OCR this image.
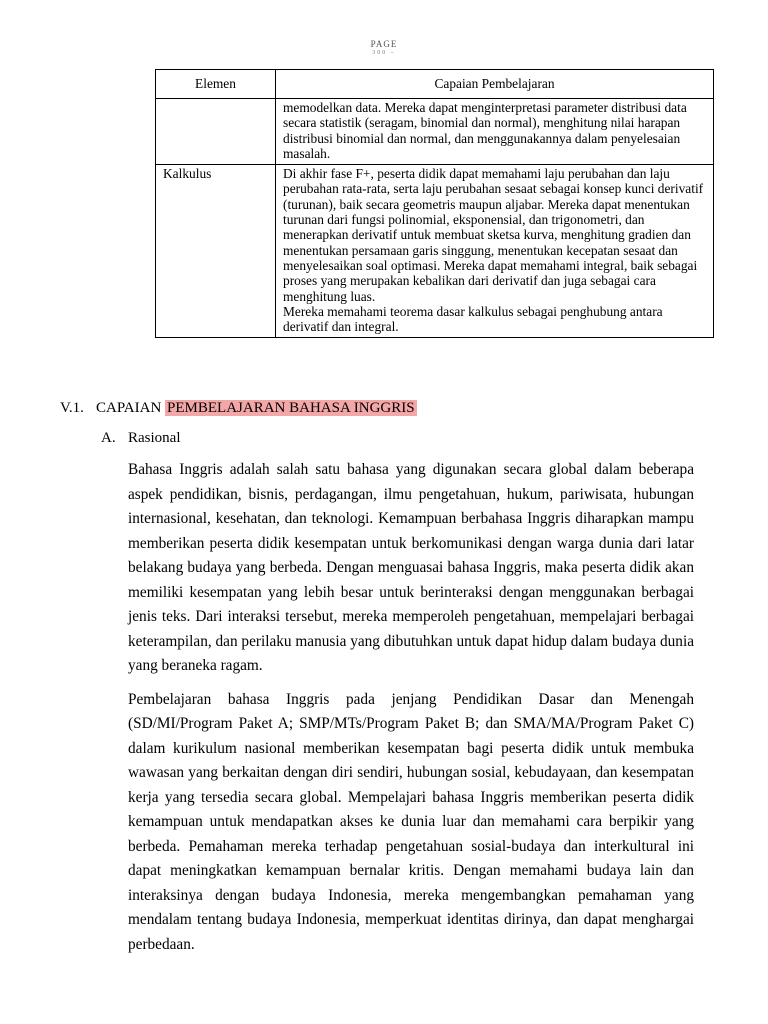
PAGE
300 –
Elemen	Capaian Pembelajaran

	memodelkan data. Mereka dapat menginterpretasi parameter distribusi data secara statistik (seragam, binomial dan normal), menghitung nilai harapan distribusi binomial dan normal, dan menggunakannya dalam penyelesaian masalah.

Kalkulus	Di akhir fase F+, peserta didik dapat memahami laju perubahan dan laju perubahan rata-rata, serta laju perubahan sesaat sebagai konsep kunci derivatif (turunan), baik secara geometris maupun aljabar. Mereka dapat menentukan turunan dari fungsi polinomial, eksponensial, dan trigonometri, dan menerapkan derivatif untuk membuat sketsa kurva, menghitung gradien dan menentukan persamaan garis singgung, menentukan kecepatan sesaat dan menyelesaikan soal optimasi. Mereka dapat memahami integral, baik sebagai proses yang merupakan kebalikan dari derivatif dan juga sebagai cara menghitung luas.

Mereka memahami teorema dasar kalkulus sebagai penghubung antara derivatif dan integral.

V.1. CAPAIAN PEMBELAJARAN BAHASA INGGRIS
A. Rasional

Bahasa Inggris adalah salah satu bahasa yang digunakan secara global dalam beberapa aspek pendidikan, bisnis, perdagangan, ilmu pengetahuan, hukum, pariwisata, hubungan internasional, kesehatan, dan teknologi. Kemampuan berbahasa Inggris diharapkan mampu memberikan peserta didik kesempatan untuk berkomunikasi dengan warga dunia dari latar belakang budaya yang berbeda. Dengan menguasai bahasa Inggris, maka peserta didik akan memiliki kesempatan yang lebih besar untuk berinteraksi dengan menggunakan berbagai jenis teks. Dari interaksi tersebut, mereka memperoleh pengetahuan, mempelajari berbagai keterampilan, dan perilaku manusia yang dibutuhkan untuk dapat hidup dalam budaya dunia yang beraneka ragam.

Pembelajaran bahasa Inggris pada jenjang Pendidikan Dasar dan Menengah (SD/MI/Program Paket A; SMP/MTs/Program Paket B; dan SMA/MA/Program Paket C) dalam kurikulum nasional memberikan kesempatan bagi peserta didik untuk membuka wawasan yang berkaitan dengan diri sendiri, hubungan sosial, kebudayaan, dan kesempatan kerja yang tersedia secara global. Mempelajari bahasa Inggris memberikan peserta didik kemampuan untuk mendapatkan akses ke dunia luar dan memahami cara berpikir yang berbeda. Pemahaman mereka terhadap pengetahuan sosial-budaya dan interkultural ini dapat meningkatkan kemampuan bernalar kritis. Dengan memahami budaya lain dan interaksinya dengan budaya Indonesia, mereka mengembangkan pemahaman yang mendalam tentang budaya Indonesia, memperkuat identitas dirinya, dan dapat menghargai perbedaan.
